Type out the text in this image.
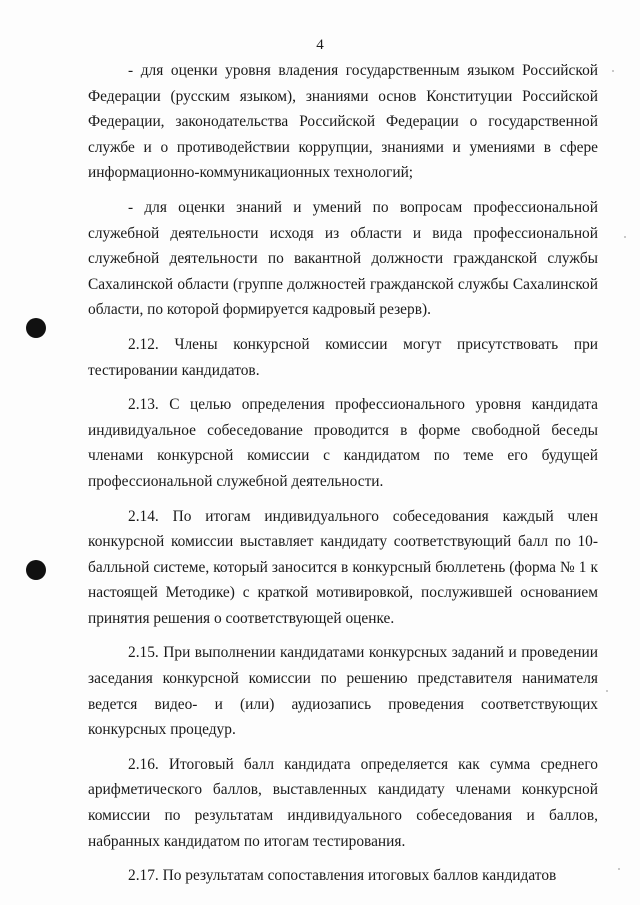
4

- для оценки уровня владения государственным языком Российской Федерации (русским языком), знаниями основ Конституции Российской Федерации, законодательства Российской Федерации о государственной службе и о противодействии коррупции, знаниями и умениями в сфере информационно-коммуникационных технологий;

- для оценки знаний и умений по вопросам профессиональной служебной деятельности исходя из области и вида профессиональной служебной деятельности по вакантной должности гражданской службы Сахалинской области (группе должностей гражданской службы Сахалинской области, по которой формируется кадровый резерв).

2.12. Члены конкурсной комиссии могут присутствовать при тестировании кандидатов.

2.13. С целью определения профессионального уровня кандидата индивидуальное собеседование проводится в форме свободной беседы членами конкурсной комиссии с кандидатом по теме его будущей профессиональной служебной деятельности.

2.14. По итогам индивидуального собеседования каждый член конкурсной комиссии выставляет кандидату соответствующий балл по 10-балльной системе, который заносится в конкурсный бюллетень (форма № 1 к настоящей Методике) с краткой мотивировкой, послужившей основанием принятия решения о соответствующей оценке.

2.15. При выполнении кандидатами конкурсных заданий и проведении заседания конкурсной комиссии по решению представителя нанимателя ведется видео- и (или) аудиозапись проведения соответствующих конкурсных процедур.

2.16. Итоговый балл кандидата определяется как сумма среднего арифметического баллов, выставленных кандидату членами конкурсной комиссии по результатам индивидуального собеседования и баллов, набранных кандидатом по итогам тестирования.

2.17. По результатам сопоставления итоговых баллов кандидатов
